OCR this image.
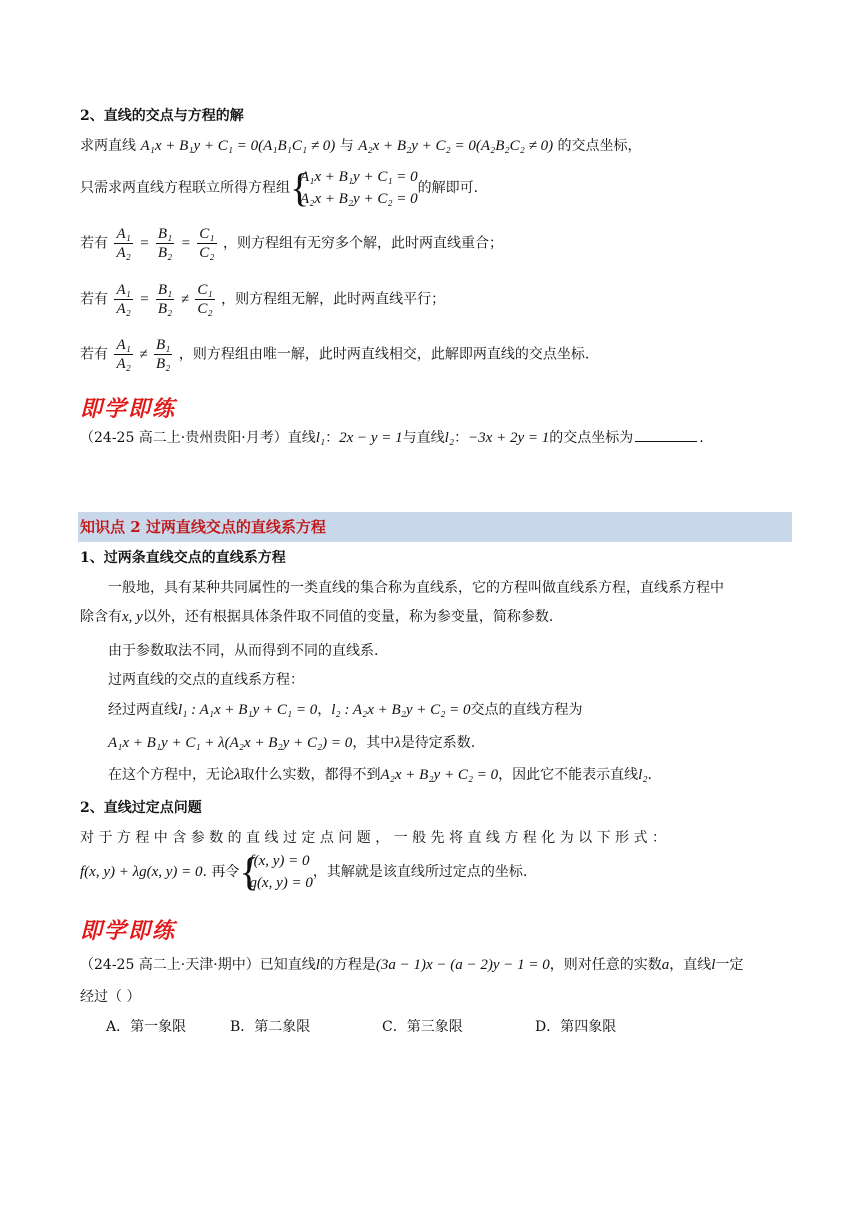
2、直线的交点与方程的解
求两直线 A₁x + B₁y + C₁ = 0(A₁B₁C₁ ≠ 0) 与 A₂x + B₂y + C₂ = 0(A₂B₂C₂ ≠ 0) 的交点坐标，
只需求两直线方程联立所得方程组 {
A₁x + B₁y + C₁ = 0
A₂x + B₂y + C₂ = 0
的解即可.
若有 $\frac{\text{A₁}}{\text{A₂}} = \frac{\text{B₁}}{\text{B₂}} = \frac{\text{C₁}}{\text{C₂}}$ ，则方程组有无穷多个解，此时两直线重合；
若有 $\frac{\text{A₁}}{\text{A₂}} = \frac{\text{B₁}}{\text{B₂}} \ne \frac{\text{C₁}}{\text{C₂}}$ ，则方程组无解，此时两直线平行；
若有 $\frac{\text{A₁}}{\text{A₂}} \ne \frac{\text{B₁}}{\text{B₂}}$ ，则方程组由唯一解，此时两直线相交，此解即两直线的交点坐标.
即学即练
（24-25 高二上·贵州贵阳·月考）直线l₁：2x − y = 1与直线l₂：−3x + 2y = 1的交点坐标为	.
知识点 2 过两直线交点的直线系方程
1、过两条直线交点的直线系方程
一般地，具有某种共同属性的一类直线的集合称为直线系，它的方程叫做直线系方程，直线系方程中
除含有x, y以外，还有根据具体条件取不同值的变量，称为参变量，简称参数.
由于参数取法不同，从而得到不同的直线系.
过两直线的交点的直线系方程：
经过两直线l₁ : A₁x + B₁y + C₁ = 0，l₂ : A₂x + B₂y + C₂ = 0交点的直线方程为
A₁x + B₁y + C₁ + λ(A₂x + B₂y + C₂) = 0，其中λ是待定系数.
在这个方程中，无论λ取什么实数，都得不到A₂x + B₂y + C₂ = 0，因此它不能表示直线l₂.
2、直线过定点问题
对 于 方 程 中 含 参 数 的 直 线 过 定 点 问 题 ， 一 般 先 将 直 线 方 程 化 为 以 下 形 式 ：
f(x, y) + λg(x, y) = 0. 再令 {
f(x, y) = 0
g(x, y) = 0
，其解就是该直线所过定点的坐标.
即学即练
（24-25 高二上·天津·期中）已知直线l的方程是(3a − 1)x − (a − 2)y − 1 = 0，则对任意的实数a，直线l一定
经过（ ）
A．第一象限	B．第二象限	C．第三象限	D．第四象限
